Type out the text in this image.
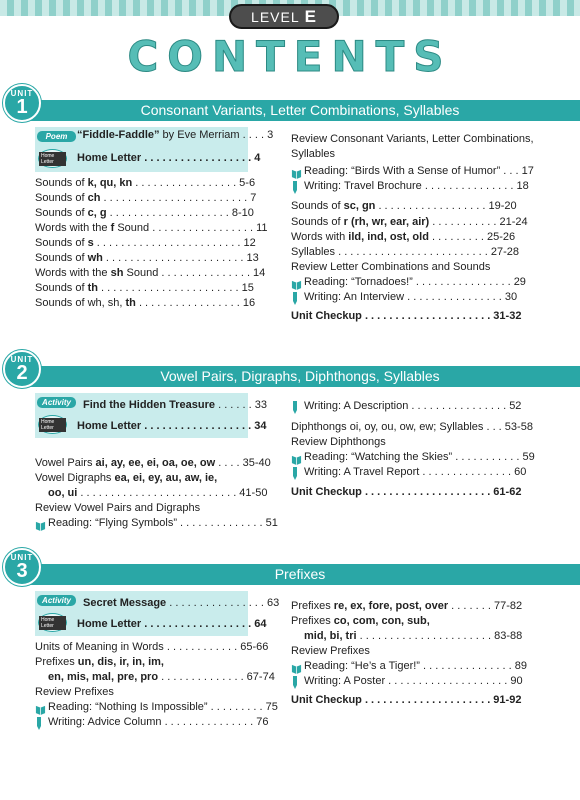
LEVEL E
CONTENTS
Consonant Variants, Letter Combinations, Syllables
UNIT
1
Poem “Fiddle-Faddle” by Eve Merriam . . . . 3
Home Letter	Home Letter . . . . . . . . . . . . . . . . . . 4
Sounds of k, qu, kn . . . . . . . . . . . . . . . . . 5-6
Sounds of ch . . . . . . . . . . . . . . . . . . . . . . . . 7
Sounds of c, g . . . . . . . . . . . . . . . . . . . . 8-10
Words with the f Sound . . . . . . . . . . . . . . . . . 11
Sounds of s . . . . . . . . . . . . . . . . . . . . . . . . 12
Sounds of wh . . . . . . . . . . . . . . . . . . . . . . . 13
Words with the sh Sound . . . . . . . . . . . . . . . 14
Sounds of th . . . . . . . . . . . . . . . . . . . . . . . 15
Sounds of wh, sh, th . . . . . . . . . . . . . . . . . 16
Review Consonant Variants, Letter Combinations,
Syllables
Reading: “Birds With a Sense of Humor” . . . 17
Writing: Travel Brochure . . . . . . . . . . . . . . . 18
Sounds of sc, gn . . . . . . . . . . . . . . . . . . 19-20
Sounds of r (rh, wr, ear, air) . . . . . . . . . . . 21-24
Words with ild, ind, ost, old . . . . . . . . . 25-26
Syllables . . . . . . . . . . . . . . . . . . . . . . . . . 27-28
Review Letter Combinations and Sounds
Reading: “Tornadoes!” . . . . . . . . . . . . . . . . 29
Writing: An Interview . . . . . . . . . . . . . . . . 30
Unit Checkup . . . . . . . . . . . . . . . . . . . . . 31-32
Vowel Pairs, Digraphs, Diphthongs, Syllables
UNIT
2
Activity	Find the Hidden Treasure . . . . . . 33
Home Letter	Home Letter . . . . . . . . . . . . . . . . . . 34
Vowel Pairs ai, ay, ee, ei, oa, oe, ow . . . . 35-40
Vowel Digraphs ea, ei, ey, au, aw, ie,
oo, ui . . . . . . . . . . . . . . . . . . . . . . . . . . 41-50
Review Vowel Pairs and Digraphs
Reading: “Flying Symbols” . . . . . . . . . . . . . . 51
Writing: A Description . . . . . . . . . . . . . . . . 52
Diphthongs oi, oy, ou, ow, ew; Syllables . . . 53-58
Review Diphthongs
Reading: “Watching the Skies” . . . . . . . . . . . 59
Writing: A Travel Report . . . . . . . . . . . . . . . 60
Unit Checkup . . . . . . . . . . . . . . . . . . . . . 61-62
Prefixes
UNIT
3
Activity	Secret Message . . . . . . . . . . . . . . . . 63
Home Letter	Home Letter . . . . . . . . . . . . . . . . . . 64
Units of Meaning in Words . . . . . . . . . . . . 65-66
Prefixes un, dis, ir, in, im,
en, mis, mal, pre, pro . . . . . . . . . . . . . . 67-74
Review Prefixes
Reading: “Nothing Is Impossible” . . . . . . . . . 75
Writing: Advice Column . . . . . . . . . . . . . . . 76
Prefixes re, ex, fore, post, over . . . . . . . 77-82
Prefixes co, com, con, sub,
mid, bi, tri . . . . . . . . . . . . . . . . . . . . . . 83-88
Review Prefixes
Reading: “He’s a Tiger!” . . . . . . . . . . . . . . . 89
Writing: A Poster . . . . . . . . . . . . . . . . . . . . 90
Unit Checkup . . . . . . . . . . . . . . . . . . . . . 91-92
